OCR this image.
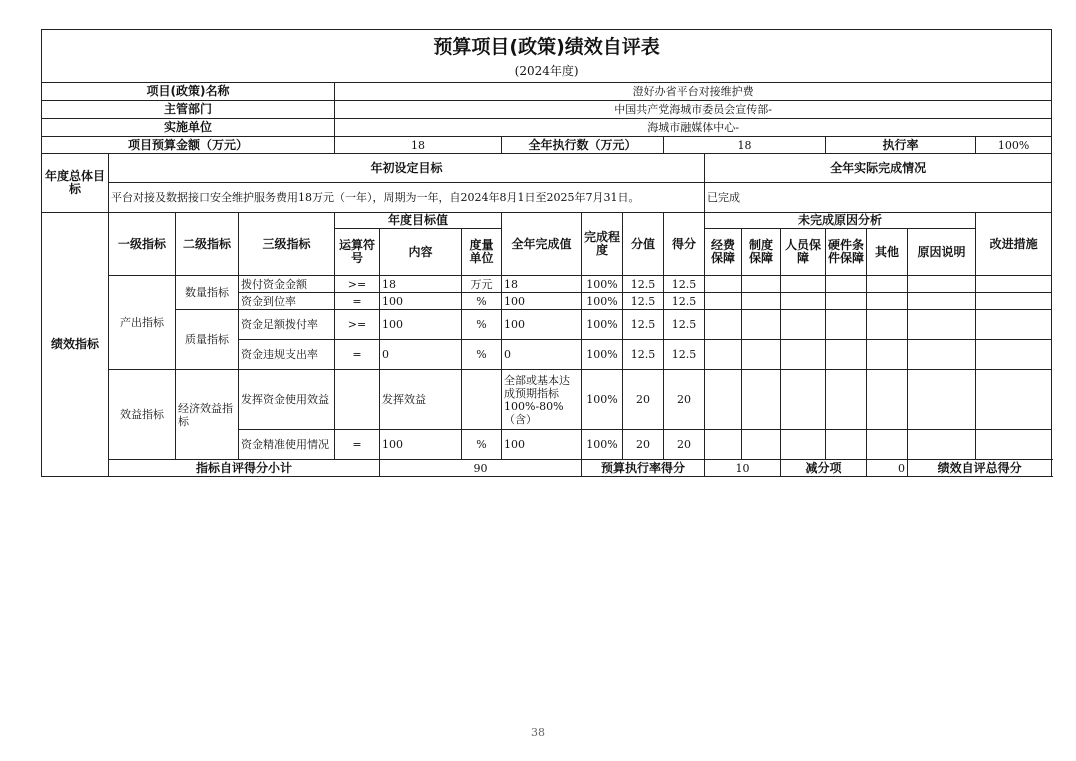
预算项目(政策)绩效自评表																		
(2024年度)																		
项目(政策)名称				澄好办省平台对接维护费														
主管部门				中国共产党海城市委员会宣传部-														
实施单位				海城市融媒体中心-														
项目预算金额（万元）				18			全年执行数（万元）			18				执行率			100%	
年度总体目标	年初设定目标										全年实际完成情况							
	平台对接及数据接口安全维护服务费用18万元（一年），周期为一年，自2024年8月1日至2025年7月31日。										已完成							
绩效指标	一级指标	二级指标	三级指标	年度目标值			全年完成值	完成程度	分值	得分	未完成原因分析						改进措施	
				运算符号	内容	度量单位					经费保障	制度保障	人员保障	硬件条件保障	其他	原因说明		
	产出指标	数量指标	拨付资金金额	>=	18	万元	18	100%	12.5	12.5								
			资金到位率	=	100	%	100	100%	12.5	12.5								
		质量指标	资金足额拨付率	>=	100	%	100	100%	12.5	12.5								
			资金违规支出率	=	0	%	0	100%	12.5	12.5								
	效益指标	经济效益指标	发挥资金使用效益		发挥效益		全部或基本达成预期指标100%-80%（含）	100%	20	20								
			资金精准使用情况	=	100	%	100	100%	20	20								
	指标自评得分小计				90			预算执行率得分			10		减分项		0	绩效自评总得分	
38
